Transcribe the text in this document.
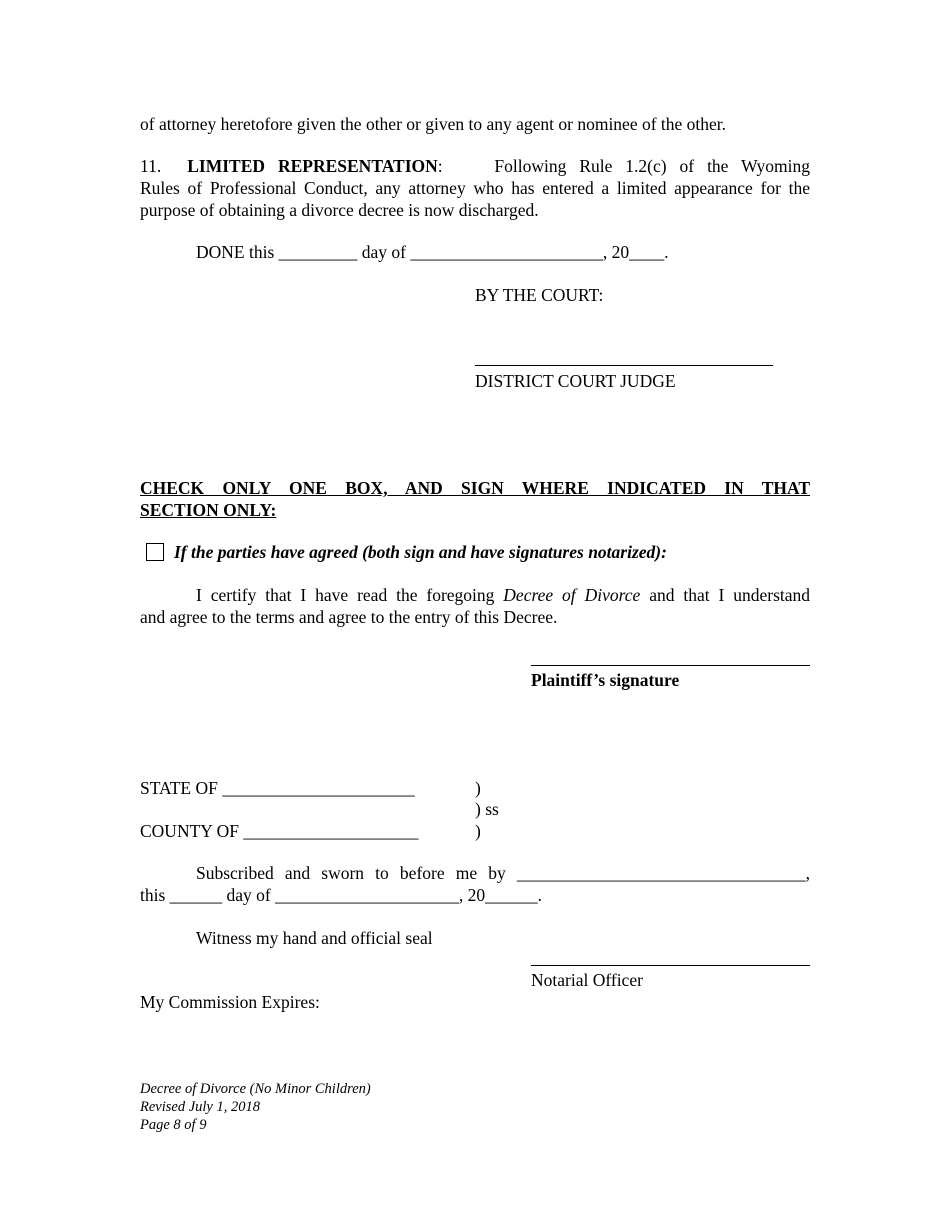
of attorney heretofore given the other or given to any agent or nominee of the other.
11. LIMITED REPRESENTATION:	Following Rule 1.2(c) of the Wyoming
Rules of Professional Conduct, any attorney who has entered a limited appearance for the
purpose of obtaining a divorce decree is now discharged.
DONE this _________ day of ______________________, 20____.
BY THE COURT:
DISTRICT COURT JUDGE
CHECK ONLY ONE BOX, AND SIGN WHERE INDICATED IN THAT
SECTION ONLY:
If the parties have agreed (both sign and have signatures notarized):
I certify that I have read the foregoing Decree of Divorce and that I understand
and agree to the terms and agree to the entry of this Decree.
Plaintiff’s signature
STATE OF ______________________	)
) ss
COUNTY OF ____________________	)
Subscribed and sworn to before me by _________________________________,
this ______ day of _____________________, 20______.
Witness my hand and official seal
Notarial Officer
My Commission Expires:
Decree of Divorce (No Minor Children)
Revised July 1, 2018
Page 8 of 9
